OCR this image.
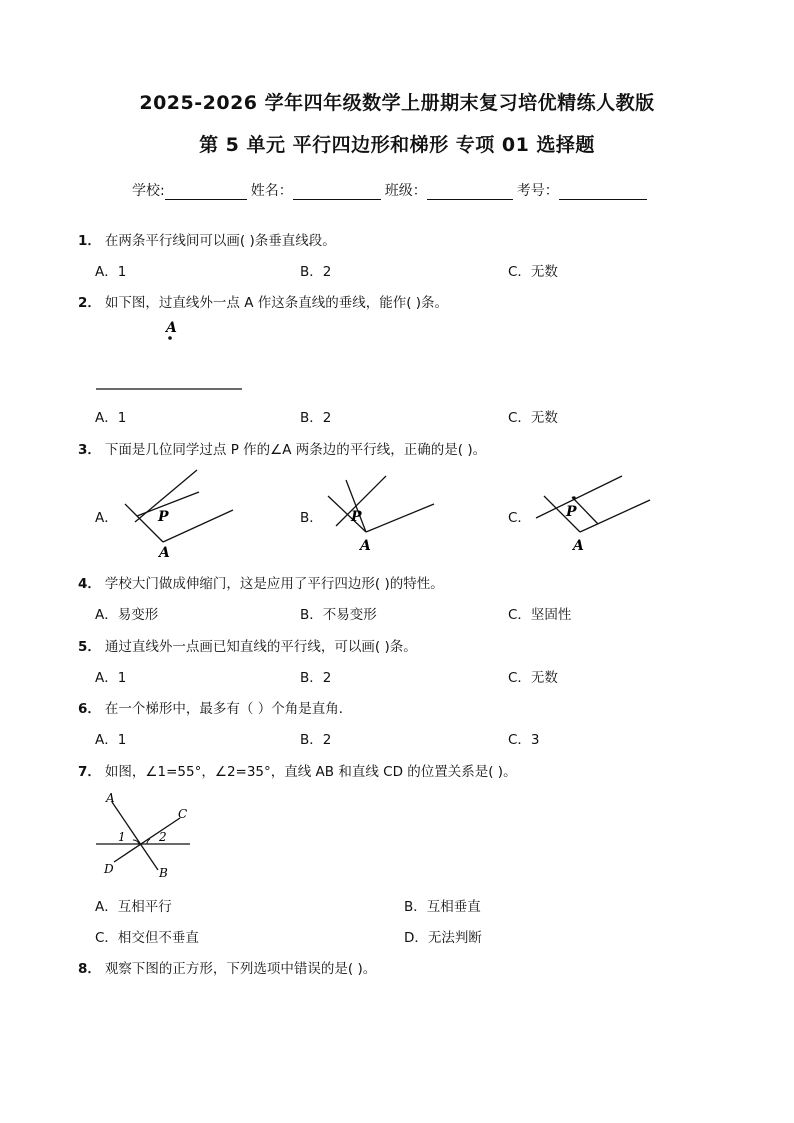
2025-2026 学年四年级数学上册期末复习培优精练人教版
第 5 单元 平行四边形和梯形 专项 01 选择题
学校:	姓名：	班级：	考号：
1． 在两条平行线间可以画( )条垂直线段。
A．1	B．2	C．无数
2． 如下图，过直线外一点 A 作这条直线的垂线，能作( )条。
A
A．1	B．2	C．无数
3． 下面是几位同学过点 P 作的∠A 两条边的平行线，正确的是( )。
A．	P
A
B． P
A
C．	P
A
4． 学校大门做成伸缩门，这是应用了平行四边形( )的特性。
A．易变形	B．不易变形	C．坚固性
5． 通过直线外一点画已知直线的平行线，可以画( )条。
A．1	B．2	C．无数
6． 在一个梯形中，最多有（ ）个角是直角．
A．1	B．2	C．3
7． 如图，∠1=55°，∠2=35°，直线 AB 和直线 CD 的位置关系是( )。
A
C
1	2
D	B
A．互相平行	B．互相垂直
C．相交但不垂直	D．无法判断
8． 观察下图的正方形，下列选项中错误的是( )。
